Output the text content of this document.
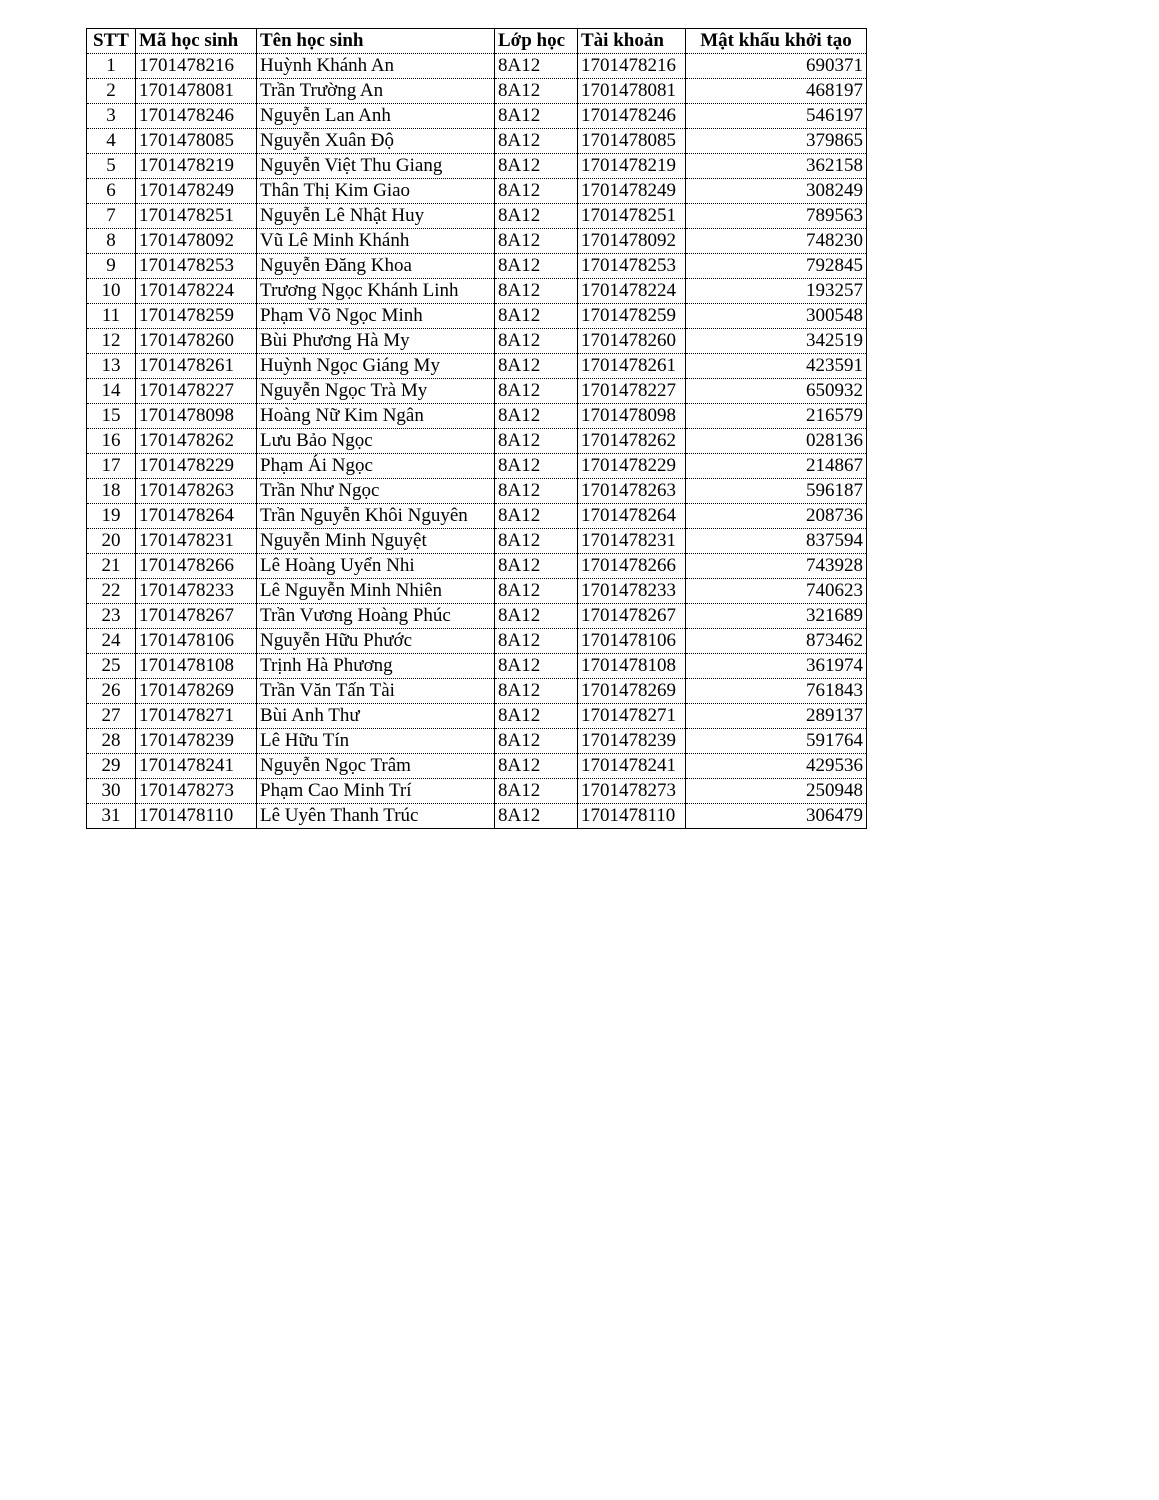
STT	Mã học sinh	Tên học sinh	Lớp học	Tài khoản	Mật khẩu khởi tạo
1	1701478216	Huỳnh Khánh An	8A12	1701478216	690371
2	1701478081	Trần Trường An	8A12	1701478081	468197
3	1701478246	Nguyễn Lan Anh	8A12	1701478246	546197
4	1701478085	Nguyễn Xuân Độ	8A12	1701478085	379865
5	1701478219	Nguyễn Việt Thu Giang	8A12	1701478219	362158
6	1701478249	Thân Thị Kim Giao	8A12	1701478249	308249
7	1701478251	Nguyễn Lê Nhật Huy	8A12	1701478251	789563
8	1701478092	Vũ Lê Minh Khánh	8A12	1701478092	748230
9	1701478253	Nguyễn Đăng Khoa	8A12	1701478253	792845
10	1701478224	Trương Ngọc Khánh Linh	8A12	1701478224	193257
11	1701478259	Phạm Võ Ngọc Minh	8A12	1701478259	300548
12	1701478260	Bùi Phương Hà My	8A12	1701478260	342519
13	1701478261	Huỳnh Ngọc Giáng My	8A12	1701478261	423591
14	1701478227	Nguyễn Ngọc Trà My	8A12	1701478227	650932
15	1701478098	Hoàng Nữ Kim Ngân	8A12	1701478098	216579
16	1701478262	Lưu Bảo Ngọc	8A12	1701478262	028136
17	1701478229	Phạm Ái Ngọc	8A12	1701478229	214867
18	1701478263	Trần Như Ngọc	8A12	1701478263	596187
19	1701478264	Trần Nguyễn Khôi Nguyên	8A12	1701478264	208736
20	1701478231	Nguyễn Minh Nguyệt	8A12	1701478231	837594
21	1701478266	Lê Hoàng Uyển Nhi	8A12	1701478266	743928
22	1701478233	Lê Nguyễn Minh Nhiên	8A12	1701478233	740623
23	1701478267	Trần Vương Hoàng Phúc	8A12	1701478267	321689
24	1701478106	Nguyễn Hữu Phước	8A12	1701478106	873462
25	1701478108	Trịnh Hà Phương	8A12	1701478108	361974
26	1701478269	Trần Văn Tấn Tài	8A12	1701478269	761843
27	1701478271	Bùi Anh Thư	8A12	1701478271	289137
28	1701478239	Lê Hữu Tín	8A12	1701478239	591764
29	1701478241	Nguyễn Ngọc Trâm	8A12	1701478241	429536
30	1701478273	Phạm Cao Minh Trí	8A12	1701478273	250948
31	1701478110	Lê Uyên Thanh Trúc	8A12	1701478110	306479
